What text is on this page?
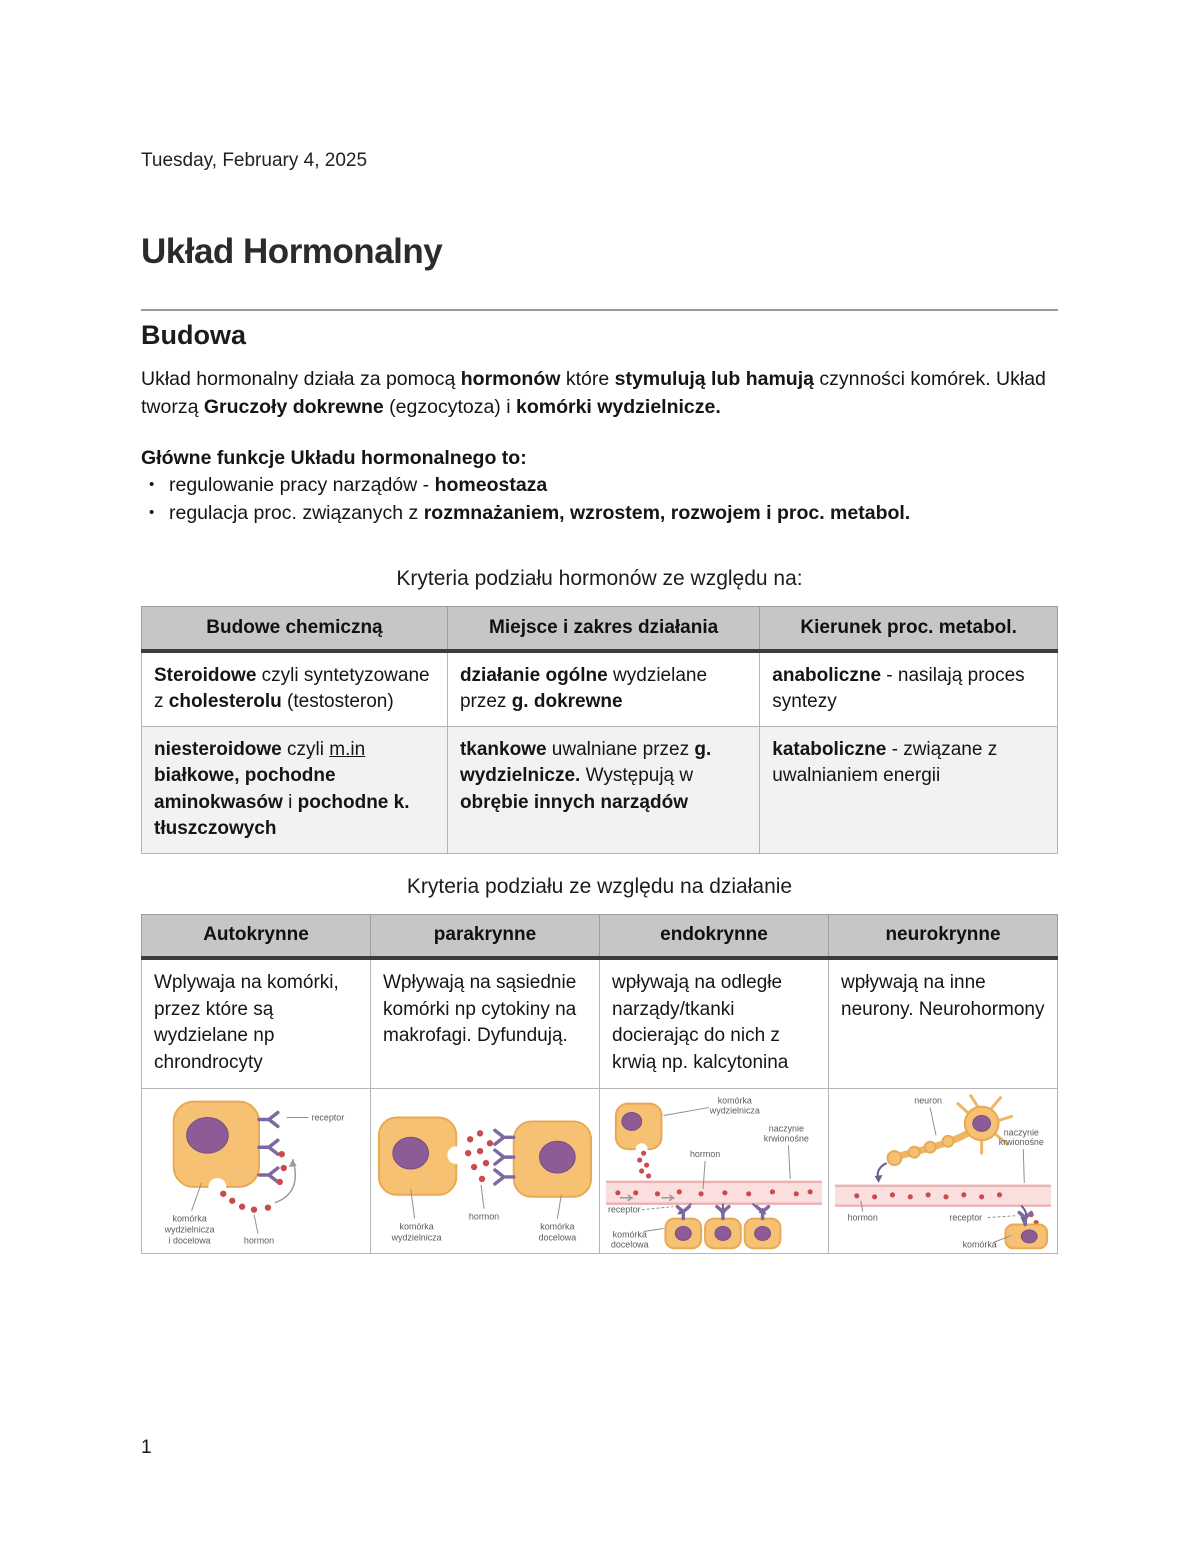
Tuesday, February 4, 2025
Układ Hormonalny
Budowa

Układ hormonalny działa za pomocą hormonów które stymulują lub hamują czynności komórek. Układ tworzą Gruczoły dokrewne (egzocytoza) i komórki wydzielnicze.

Główne funkcje Układu hormonalnego to:

• regulowanie pracy narządów - homeostaza
• regulacja proc. związanych z rozmnażaniem, wzrostem, rozwojem i proc. metabol.
Kryteria podziału hormonów ze względu na:
Budowe chemiczną	Miejsce i zakres działania	Kierunek proc. metabol.
Steroidowe czyli syntetyzowane z cholesterolu (testosteron)	działanie ogólne wydzielane przez g. dokrewne	anaboliczne - nasilają proces syntezy
niesteroidowe czyli m.in białkowe, pochodne aminokwasów i pochodne k. tłuszczowych	tkankowe uwalniane przez g. wydzielnicze. Występują w obrębie innych narządów	kataboliczne - związane z uwalnianiem energii
Kryteria podziału ze względu na działanie
Autokrynne	parakrynne	endokrynne	neurokrynne
Wplywaja na komórki, przez które są wydzielane np chrondrocyty	Wpływają na sąsiednie komórki np cytokiny na makrofagi. Dyfundują.	wpływają na odległe narządy/tkanki docierając do nich z krwią np. kalcytonina	wpływają na inne neurony. Neurohormony

receptor
komórka
wydzielnicza
i docelowa	hormon

komórka
wydzielnicza
hormon
komórka
docelowa

komórka
wydzielnicza
naczynie
krwionośne
hormon
receptor
komórka
docelowa

neuron
naczynie
krwionośne
hormon	receptor
komórka
1
